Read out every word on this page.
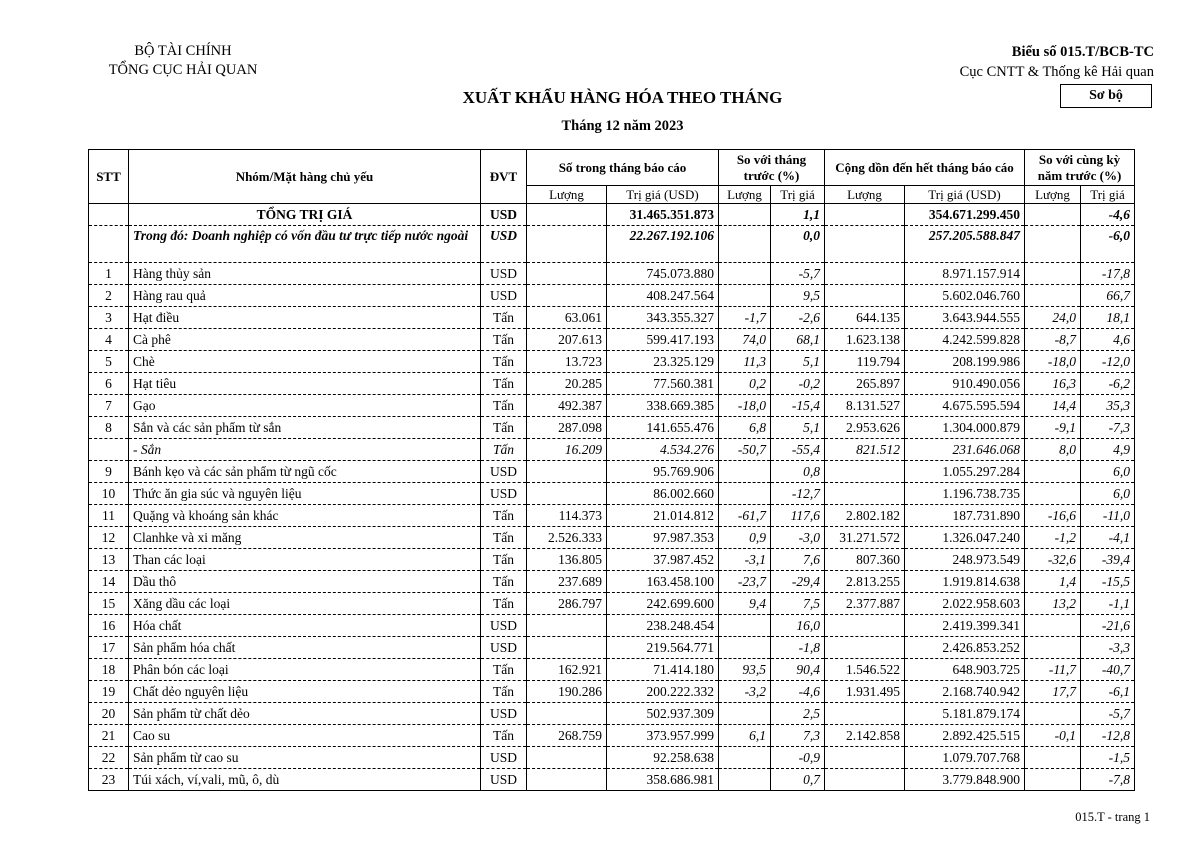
BỘ TÀI CHÍNH
TỔNG CỤC HẢI QUAN
Biểu số 015.T/BCB-TC
Cục CNTT & Thống kê Hải quan
Sơ bộ
XUẤT KHẨU HÀNG HÓA THEO THÁNG
Tháng 12 năm 2023
STT	Nhóm/Mặt hàng chủ yếu	ĐVT	Số trong tháng báo cáo		So với tháng trước (%)		Cộng dồn đến hết tháng báo cáo		So với cùng kỳ năm trước (%)	
			Lượng	Trị giá (USD)	Lượng	Trị giá	Lượng	Trị giá (USD)	Lượng	Trị giá
	TỔNG TRỊ GIÁ	USD		31.465.351.873		1,1		354.671.299.450		-4,6
	Trong đó: Doanh nghiệp có vốn đầu tư trực tiếp nước ngoài	USD		22.267.192.106		0,0		257.205.588.847		-6,0
1	Hàng thủy sản	USD		745.073.880		-5,7		8.971.157.914		-17,8
2	Hàng rau quả	USD		408.247.564		9,5		5.602.046.760		66,7
3	Hạt điều	Tấn	63.061	343.355.327	-1,7	-2,6	644.135	3.643.944.555	24,0	18,1
4	Cà phê	Tấn	207.613	599.417.193	74,0	68,1	1.623.138	4.242.599.828	-8,7	4,6
5	Chè	Tấn	13.723	23.325.129	11,3	5,1	119.794	208.199.986	-18,0	-12,0
6	Hạt tiêu	Tấn	20.285	77.560.381	0,2	-0,2	265.897	910.490.056	16,3	-6,2
7	Gạo	Tấn	492.387	338.669.385	-18,0	-15,4	8.131.527	4.675.595.594	14,4	35,3
8	Sắn và các sản phẩm từ sắn	Tấn	287.098	141.655.476	6,8	5,1	2.953.626	1.304.000.879	-9,1	-7,3
	- Sắn	Tấn	16.209	4.534.276	-50,7	-55,4	821.512	231.646.068	8,0	4,9
9	Bánh kẹo và các sản phẩm từ ngũ cốc	USD		95.769.906		0,8		1.055.297.284		6,0
10	Thức ăn gia súc và nguyên liệu	USD		86.002.660		-12,7		1.196.738.735		6,0
11	Quặng và khoáng sản khác	Tấn	114.373	21.014.812	-61,7	117,6	2.802.182	187.731.890	-16,6	-11,0
12	Clanhke và xi măng	Tấn	2.526.333	97.987.353	0,9	-3,0	31.271.572	1.326.047.240	-1,2	-4,1
13	Than các loại	Tấn	136.805	37.987.452	-3,1	7,6	807.360	248.973.549	-32,6	-39,4
14	Dầu thô	Tấn	237.689	163.458.100	-23,7	-29,4	2.813.255	1.919.814.638	1,4	-15,5
15	Xăng dầu các loại	Tấn	286.797	242.699.600	9,4	7,5	2.377.887	2.022.958.603	13,2	-1,1
16	Hóa chất	USD		238.248.454		16,0		2.419.399.341		-21,6
17	Sản phẩm hóa chất	USD		219.564.771		-1,8		2.426.853.252		-3,3
18	Phân bón các loại	Tấn	162.921	71.414.180	93,5	90,4	1.546.522	648.903.725	-11,7	-40,7
19	Chất dẻo nguyên liệu	Tấn	190.286	200.222.332	-3,2	-4,6	1.931.495	2.168.740.942	17,7	-6,1
20	Sản phẩm từ chất dẻo	USD		502.937.309		2,5		5.181.879.174		-5,7
21	Cao su	Tấn	268.759	373.957.999	6,1	7,3	2.142.858	2.892.425.515	-0,1	-12,8
22	Sản phẩm từ cao su	USD		92.258.638		-0,9		1.079.707.768		-1,5
23	Túi xách, ví,vali, mũ, ô, dù	USD		358.686.981		0,7		3.779.848.900		-7,8
015.T - trang 1
